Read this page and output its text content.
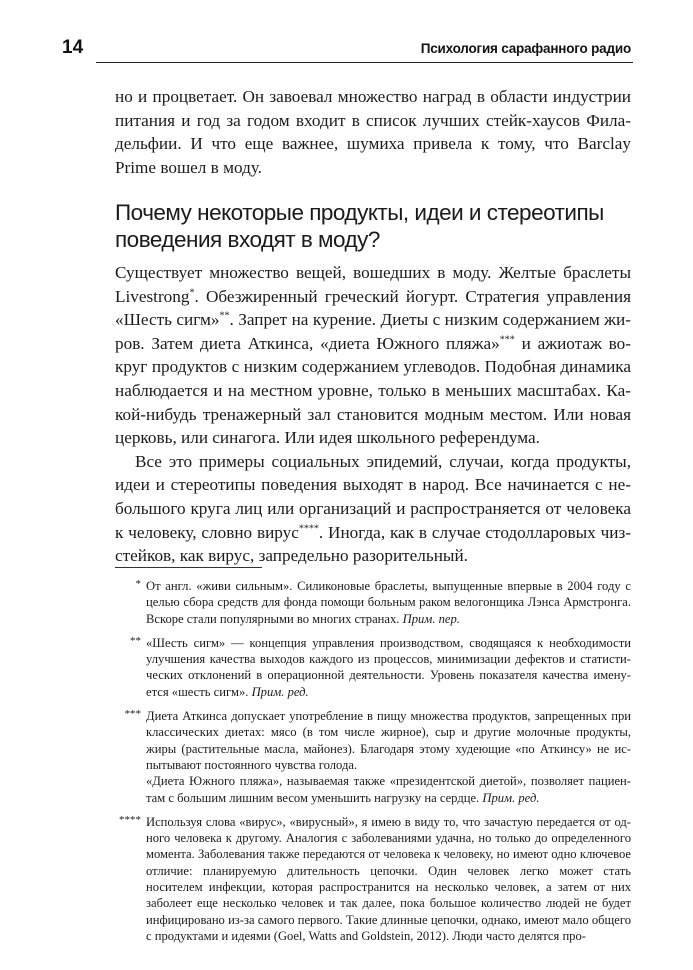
14	Психология сарафанного радио

но и процветает. Он завоевал множество наград в области индустрии питания и год за годом входит в список лучших стейк-хаусов Филадельфии. И что еще важнее, шумиха привела к тому, что Barclay Prime вошел в моду.

Почему некоторые продукты, идеи и стереотипы поведения входят в моду?

Существует множество вещей, вошедших в моду. Желтые браслеты Livestrong*. Обезжиренный греческий йогурт. Стратегия управления «Шесть сигм»**. Запрет на курение. Диеты с низким содержанием жиров. Затем диета Аткинса, «диета Южного пляжа»*** и ажиотаж вокруг продуктов с низким содержанием углеводов. Подобная динамика наблюдается и на местном уровне, только в меньших масштабах. Какой-нибудь тренажерный зал становится модным местом. Или новая церковь, или синагога. Или идея школьного референдума.

Все это примеры социальных эпидемий, случаи, когда продукты, идеи и стереотипы поведения выходят в народ. Все начинается с небольшого круга лиц или организаций и распространяется от человека к человеку, словно вирус****. Иногда, как в случае стодолларовых чизстейков, как вирус, запредельно разорительный.

* От англ. «живи сильным». Силиконовые браслеты, выпущенные впервые в 2004 году с целью сбора средств для фонда помощи больным раком велогонщика Лэнса Армстронга. Вскоре стали популярными во многих странах. Прим. пер.

** «Шесть сигм» — концепция управления производством, сводящаяся к необходимости улучшения качества выходов каждого из процессов, минимизации дефектов и статистических отклонений в операционной деятельности. Уровень показателя качества именуется «шесть сигм». Прим. ред.

*** Диета Аткинса допускает употребление в пищу множества продуктов, запрещенных при классических диетах: мясо (в том числе жирное), сыр и другие молочные продукты, жиры (растительные масла, майонез). Благодаря этому худеющие «по Аткинсу» не испытывают постоянного чувства голода.

«Диета Южного пляжа», называемая также «президентской диетой», позволяет пациентам с большим лишним весом уменьшить нагрузку на сердце. Прим. ред.

**** Используя слова «вирус», «вирусный», я имею в виду то, что зачастую передается от одного человека к другому. Аналогия с заболеваниями удачна, но только до определенного момента. Заболевания также передаются от человека к человеку, но имеют одно ключевое отличие: планируемую длительность цепочки. Один человек легко может стать носителем инфекции, которая распространится на несколько человек, а затем от них заболеет еще несколько человек и так далее, пока большое количество людей не будет инфицировано из-за самого первого. Такие длинные цепочки, однако, имеют мало общего с продуктами и идеями (Goel, Watts and Goldstein, 2012). Люди часто делятся про-
